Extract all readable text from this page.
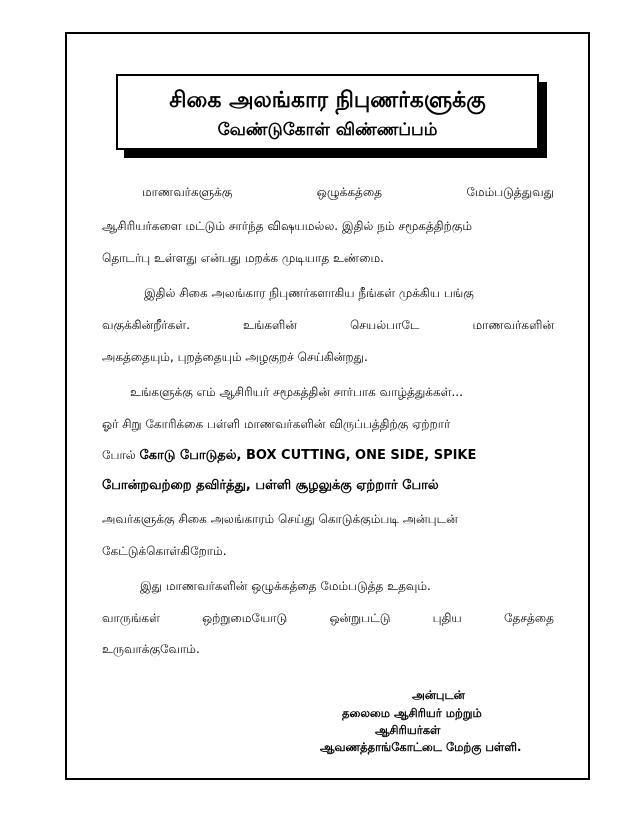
சிகை அலங்கார நிபுணர்களுக்கு
வேண்டுகோள் விண்ணப்பம்
மாணவர்களுக்கு	ஒழுக்கத்தை	மேம்படுத்துவது
ஆசிரியர்களை மட்டும் சார்ந்த விஷயமல்ல. இதில் நம் சமூகத்திற்கும்
தொடர்பு உள்ளது என்பது மறக்க முடியாத உண்மை.
இதில் சிகை அலங்கார நிபுணர்களாகிய நீங்கள் முக்கிய பங்கு
வகுக்கின்றீர்கள்.	உங்களின்	செயல்பாடே	மாணவர்களின்
அகத்தையும், புறத்தையும் அழகுறச் செய்கின்றது.
உங்களுக்கு எம் ஆசிரியர் சமூகத்தின் சார்பாக வாழ்த்துக்கள்...
ஓர் சிறு கோரிக்கை பள்ளி மாணவர்களின் விருப்பத்திற்கு ஏற்றார்
போல் கோடு போடுதல், BOX CUTTING, ONE SIDE, SPIKE
போன்றவற்றை தவிர்த்து, பள்ளி சூழலுக்கு ஏற்றார் போல்
அவர்களுக்கு சிகை அலங்காரம் செய்து கொடுக்கும்படி அன்புடன்
கேட்டுக்கொள்கிறோம்.
இது மாணவர்களின் ஒழுக்கத்தை மேம்படுத்த உதவும்.
வாருங்கள்	ஒற்றுமையோடு	ஒன்றுபட்டு	புதிய	தேசத்தை
உருவாக்குவோம்.
அன்புடன்
தலைமை ஆசிரியர் மற்றும்
ஆசிரியர்கள்
ஆவணத்தாங்கோட்டை மேற்கு பள்ளி.
